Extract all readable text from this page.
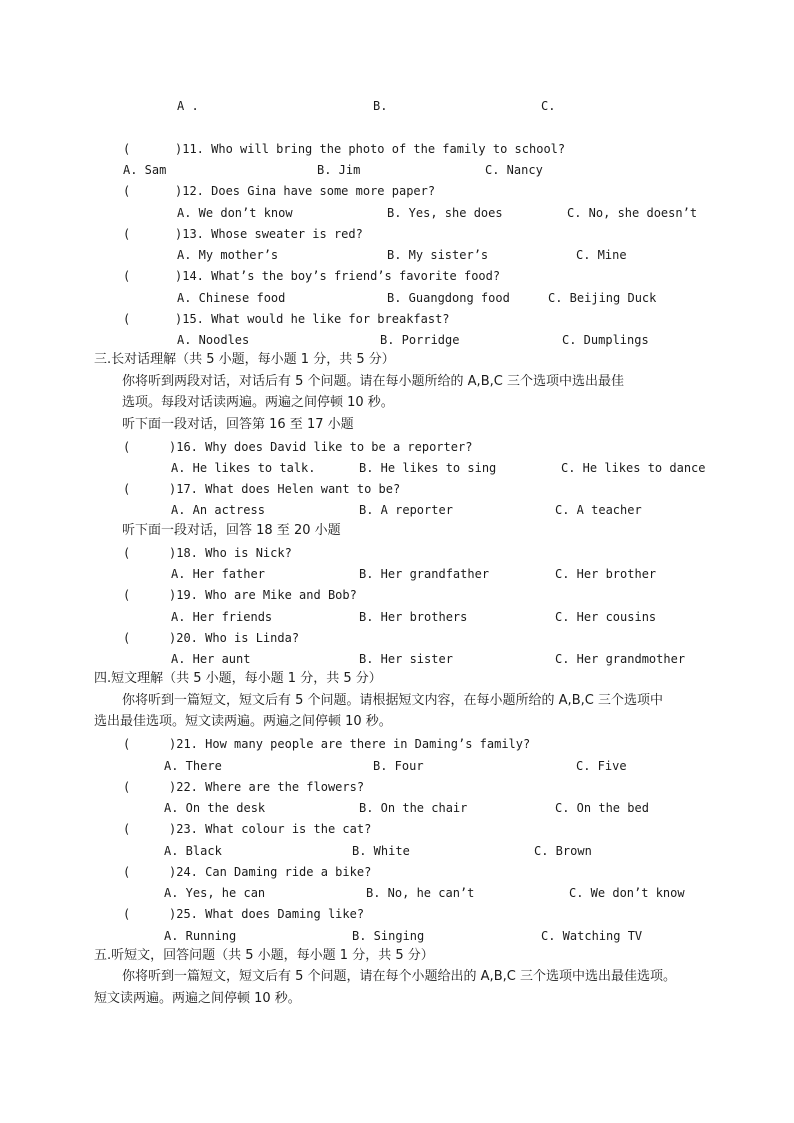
A .	B.	C.
(	)11. Who will bring the photo of the family to school?
A. Sam	B. Jim	C. Nancy
(	)12. Does Gina have some more paper?
A. We don’t know	B. Yes, she does	C. No, she doesn’t
(	)13. Whose sweater is red?
A. My mother’s	B. My sister’s	C. Mine
(	)14. What’s the boy’s friend’s favorite food?
A. Chinese food	B. Guangdong food	C. Beijing Duck
(	)15. What would he like for breakfast?
A. Noodles	B. Porridge	C. Dumplings
三.长对话理解（共 5 小题，每小题 1 分，共 5 分）
你将听到两段对话，对话后有 5 个问题。请在每小题所给的 A,B,C 三个选项中选出最佳
选项。每段对话读两遍。两遍之间停顿 10 秒。
听下面一段对话，回答第 16 至 17 小题
(	)16. Why does David like to be a reporter?
A. He likes to talk.	B. He likes to sing	C. He likes to dance
(	)17. What does Helen want to be?
A. An actress	B. A reporter	C. A teacher
听下面一段对话，回答 18 至 20 小题
(	)18. Who is Nick?
A. Her father	B. Her grandfather	C. Her brother
(	)19. Who are Mike and Bob?
A. Her friends	B. Her brothers	C. Her cousins
(	)20. Who is Linda?
A. Her aunt	B. Her sister	C. Her grandmother
四.短文理解（共 5 小题，每小题 1 分，共 5 分）
你将听到一篇短文，短文后有 5 个问题。请根据短文内容，在每小题所给的 A,B,C 三个选项中
选出最佳选项。短文读两遍。两遍之间停顿 10 秒。
(	)21. How many people are there in Daming’s family?
A. There	B. Four	C. Five
(	)22. Where are the flowers?
A. On the desk	B. On the chair	C. On the bed
(	)23. What colour is the cat?
A. Black	B. White	C. Brown
(	)24. Can Daming ride a bike?
A. Yes, he can	B. No, he can’t	C. We don’t know
(	)25. What does Daming like?
A. Running	B. Singing	C. Watching TV
五.听短文，回答问题（共 5 小题，每小题 1 分，共 5 分）
你将听到一篇短文，短文后有 5 个问题，请在每个小题给出的 A,B,C 三个选项中选出最佳选项。
短文读两遍。两遍之间停顿 10 秒。
